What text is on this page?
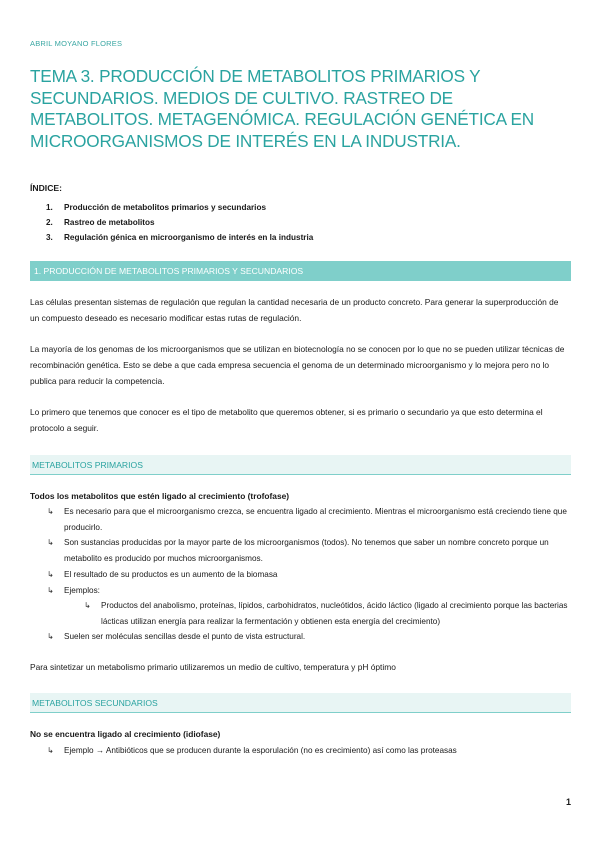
ABRIL MOYANO FLORES
TEMA 3. PRODUCCIÓN DE METABOLITOS PRIMARIOS Y SECUNDARIOS. MEDIOS DE CULTIVO. RASTREO DE METABOLITOS. METAGENÓMICA. REGULACIÓN GENÉTICA EN MICROORGANISMOS DE INTERÉS EN LA INDUSTRIA.
ÍNDICE:
1. Producción de metabolitos primarios y secundarios
2. Rastreo de metabolitos
3. Regulación génica en microorganismo de interés en la industria
1. PRODUCCIÓN DE METABOLITOS PRIMARIOS Y SECUNDARIOS
Las células presentan sistemas de regulación que regulan la cantidad necesaria de un producto concreto. Para generar la superproducción de un compuesto deseado es necesario modificar estas rutas de regulación.
La mayoría de los genomas de los microorganismos que se utilizan en biotecnología no se conocen por lo que no se pueden utilizar técnicas de recombinación genética. Esto se debe a que cada empresa secuencia el genoma de un determinado microorganismo y lo mejora pero no lo publica para reducir la competencia.
Lo primero que tenemos que conocer es el tipo de metabolito que queremos obtener, si es primario o secundario ya que esto determina el protocolo a seguir.
METABOLITOS PRIMARIOS
Todos los metabolitos que estén ligado al crecimiento (trofofase)
↳ Es necesario para que el microorganismo crezca, se encuentra ligado al crecimiento. Mientras el microorganismo está creciendo tiene que producirlo.
↳ Son sustancias producidas por la mayor parte de los microorganismos (todos). No tenemos que saber un nombre concreto porque un metabolito es producido por muchos microorganismos.
↳ El resultado de su productos es un aumento de la biomasa
↳ Ejemplos:
↳ Productos del anabolismo, proteínas, lípidos, carbohidratos, nucleótidos, ácido láctico (ligado al crecimiento porque las bacterias lácticas utilizan energía para realizar la fermentación y obtienen esta energía del crecimiento)
↳ Suelen ser moléculas sencillas desde el punto de vista estructural.
Para sintetizar un metabolismo primario utilizaremos un medio de cultivo, temperatura y pH óptimo
METABOLITOS SECUNDARIOS
No se encuentra ligado al crecimiento (idiofase)
↳ Ejemplo → Antibióticos que se producen durante la esporulación (no es crecimiento) así como las proteasas
1
